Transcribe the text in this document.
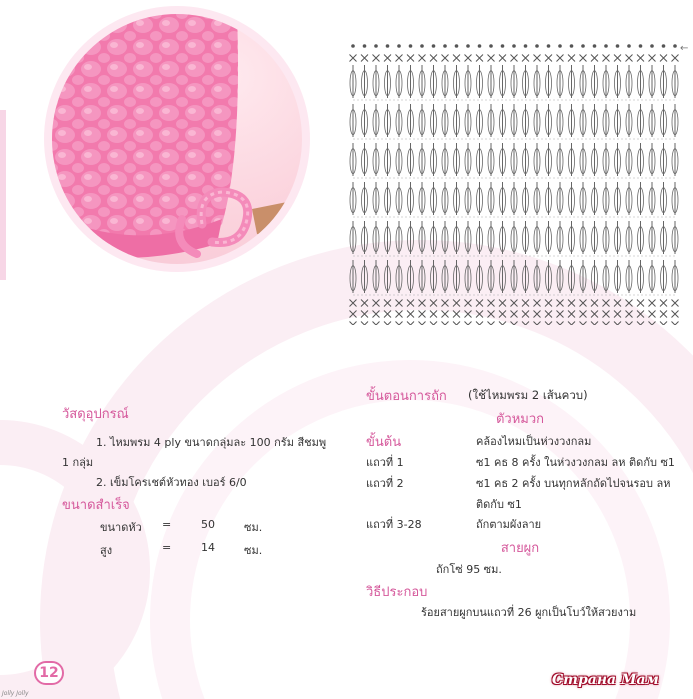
←
วัสดุอุปกรณ์
1. ไหมพรม 4 ply ขนาดกลุ่มละ 100 กรัม สีชมพู
1 กลุ่ม
2. เข็มโครเชต์หัวทอง เบอร์ 6/0
ขนาดสำเร็จ
ขนาดหัว =	50	ซม.
สูง	=	14	ซม.
ขั้นตอนการถัก (ใช้ไหมพรม 2 เส้นควบ)
ตัวหมวก
ขั้นต้น	คล้องไหมเป็นห่วงวงกลม
แถวที่ 1	ซ1 คธ 8 ครั้ง ในห่วงวงกลม ลห ติดกับ ซ1
แถวที่ 2	ซ1 คธ 2 ครั้ง บนทุกหลักถัดไปจนรอบ ลห
ติดกับ ซ1
แถวที่ 3-28	ถักตามผังลาย
สายผูก
ถักโซ่ 95 ซม.
วิธีประกอบ
ร้อยสายผูกบนแถวที่ 26 ผูกเป็นโบว์ให้สวยงาม
12
Jolly Jolly
Страна Мам
